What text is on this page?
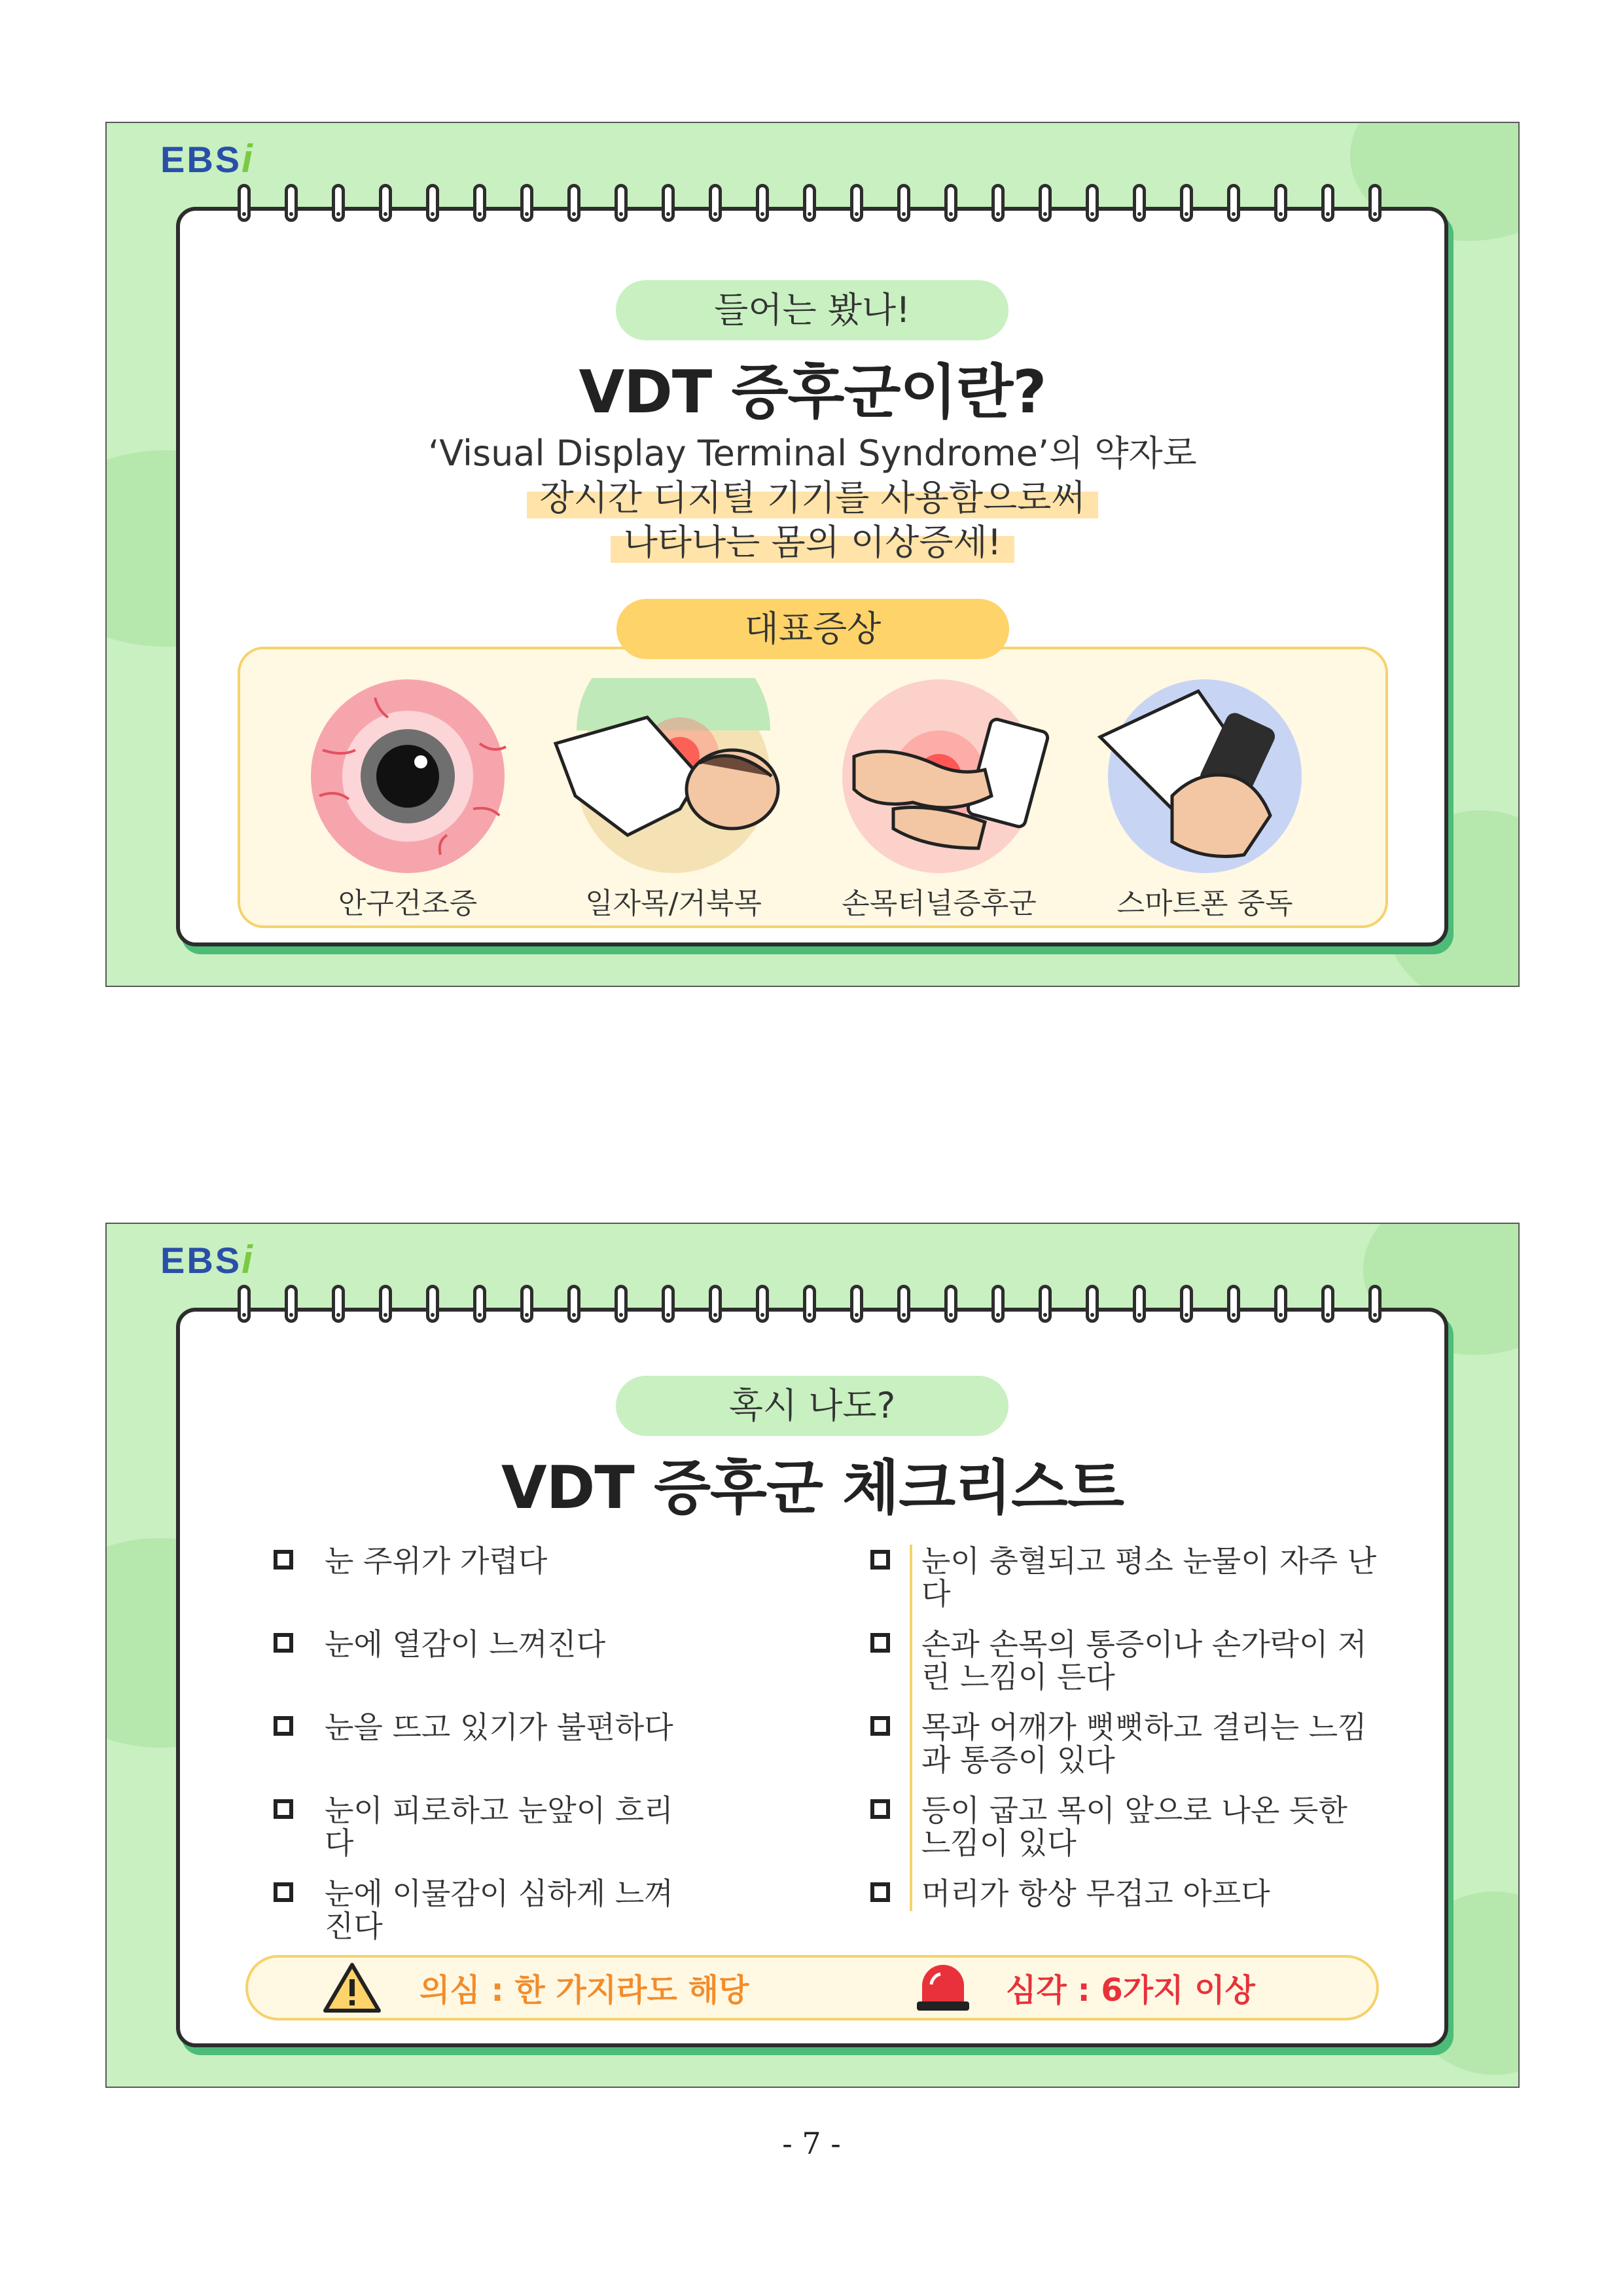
EBSi
들어는 봤나!
VDT 증후군이란?
‘Visual Display Terminal Syndrome’의 약자로
장시간 디지털 기기를 사용함으로써
나타나는 몸의 이상증세!
대표증상
안구건조증	일자목/거북목	손목터널증후군	스마트폰 중독
EBSi
혹시 나도?
VDT 증후군 체크리스트
눈 주위가 가렵다
눈에 열감이 느껴진다
눈을 뜨고 있기가 불편하다
눈이 피로하고 눈앞이 흐리다
눈에 이물감이 심하게 느껴진다
눈이 충혈되고 평소 눈물이 자주 난다
손과 손목의 통증이나 손가락이 저린 느낌이 든다
목과 어깨가 뻣뻣하고 결리는 느낌과 통증이 있다
등이 굽고 목이 앞으로 나온 듯한 느낌이 있다
머리가 항상 무겁고 아프다
의심 : 한 가지라도 해당	심각 : 6가지 이상
- 7 -
